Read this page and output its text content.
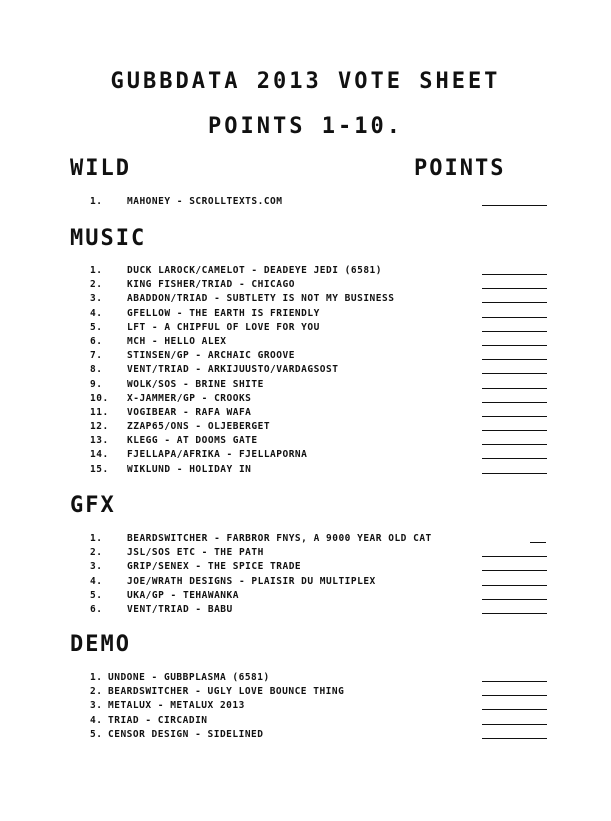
GUBBDATA 2013 VOTE SHEET
POINTS 1-10.
WILD	POINTS
1.	MAHONEY - SCROLLTEXTS.COM
MUSIC
1.	DUCK LAROCK/CAMELOT - DEADEYE JEDI (6581)
2.	KING FISHER/TRIAD - CHICAGO
3.	ABADDON/TRIAD - SUBTLETY IS NOT MY BUSINESS
4.	GFELLOW - THE EARTH IS FRIENDLY
5.	LFT - A CHIPFUL OF LOVE FOR YOU
6.	MCH - HELLO ALEX
7.	STINSEN/GP - ARCHAIC GROOVE
8.	VENT/TRIAD - ARKIJUUSTO/VARDAGSOST
9.	WOLK/SOS - BRINE SHITE
10. X-JAMMER/GP - CROOKS
11. VOGIBEAR - RAFA WAFA
12. ZZAP65/ONS - OLJEBERGET
13. KLEGG - AT DOOMS GATE
14. FJELLAPA/AFRIKA - FJELLAPORNA
15. WIKLUND - HOLIDAY IN
GFX
1.	BEARDSWITCHER - FARBROR FNYS, A 9000 YEAR OLD CAT
2.	JSL/SOS ETC - THE PATH
3.	GRIP/SENEX - THE SPICE TRADE
4.	JOE/WRATH DESIGNS - PLAISIR DU MULTIPLEX
5.	UKA/GP - TEHAWANKA
6.	VENT/TRIAD - BABU
DEMO
1. UNDONE - GUBBPLASMA (6581)
2. BEARDSWITCHER - UGLY LOVE BOUNCE THING
3. METALUX - METALUX 2013
4. TRIAD - CIRCADIN
5. CENSOR DESIGN - SIDELINED
